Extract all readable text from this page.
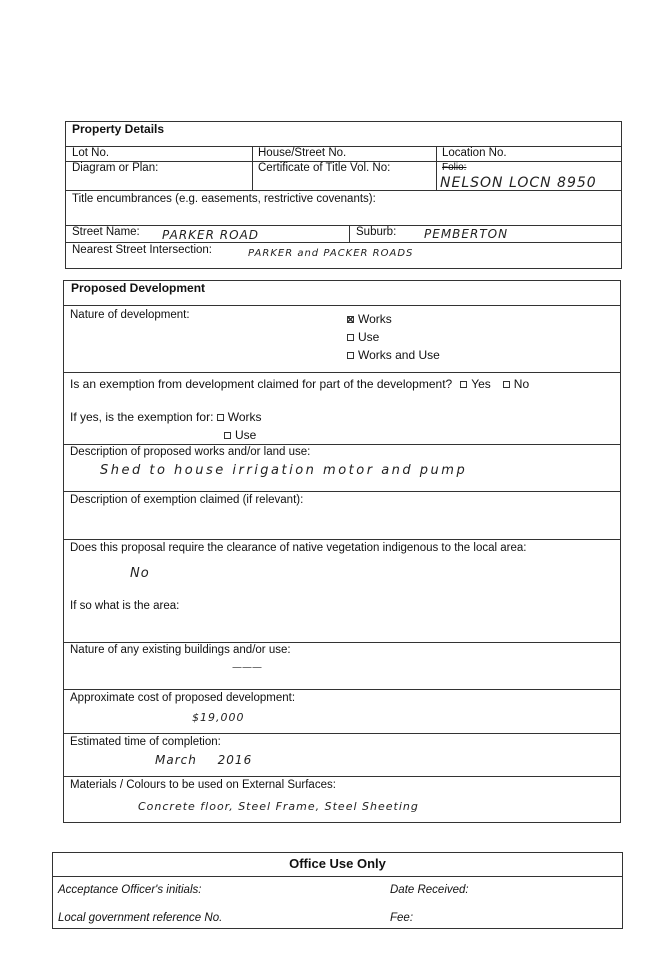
Property Details
Lot No.	House/Street No.	Location No.
Diagram or Plan:	Certificate of Title Vol. No:	Folio:
NELSON LOCN 8950
Title encumbrances (e.g. easements, restrictive covenants):
Street Name: PARKER ROAD	Suburb: PEMBERTON
Nearest Street Intersection:	PARKER and PACKER ROADS
Proposed Development
Nature of development:	Works
Use
Works and Use
Is an exemption from development claimed for part of the development? Yes No
If yes, is the exemption for: Works
Use
Description of proposed works and/or land use:
Shed to house irrigation motor and pump
Description of exemption claimed (if relevant):
Does this proposal require the clearance of native vegetation indigenous to the local area:
No
If so what is the area:
Nature of any existing buildings and/or use:
———
Approximate cost of proposed development:
$19,000
Estimated time of completion:
March 2016
Materials / Colours to be used on External Surfaces:
Concrete floor, Steel Frame, Steel Sheeting
Office Use Only
Acceptance Officer's initials:	Date Received:
Local government reference No.	Fee:
